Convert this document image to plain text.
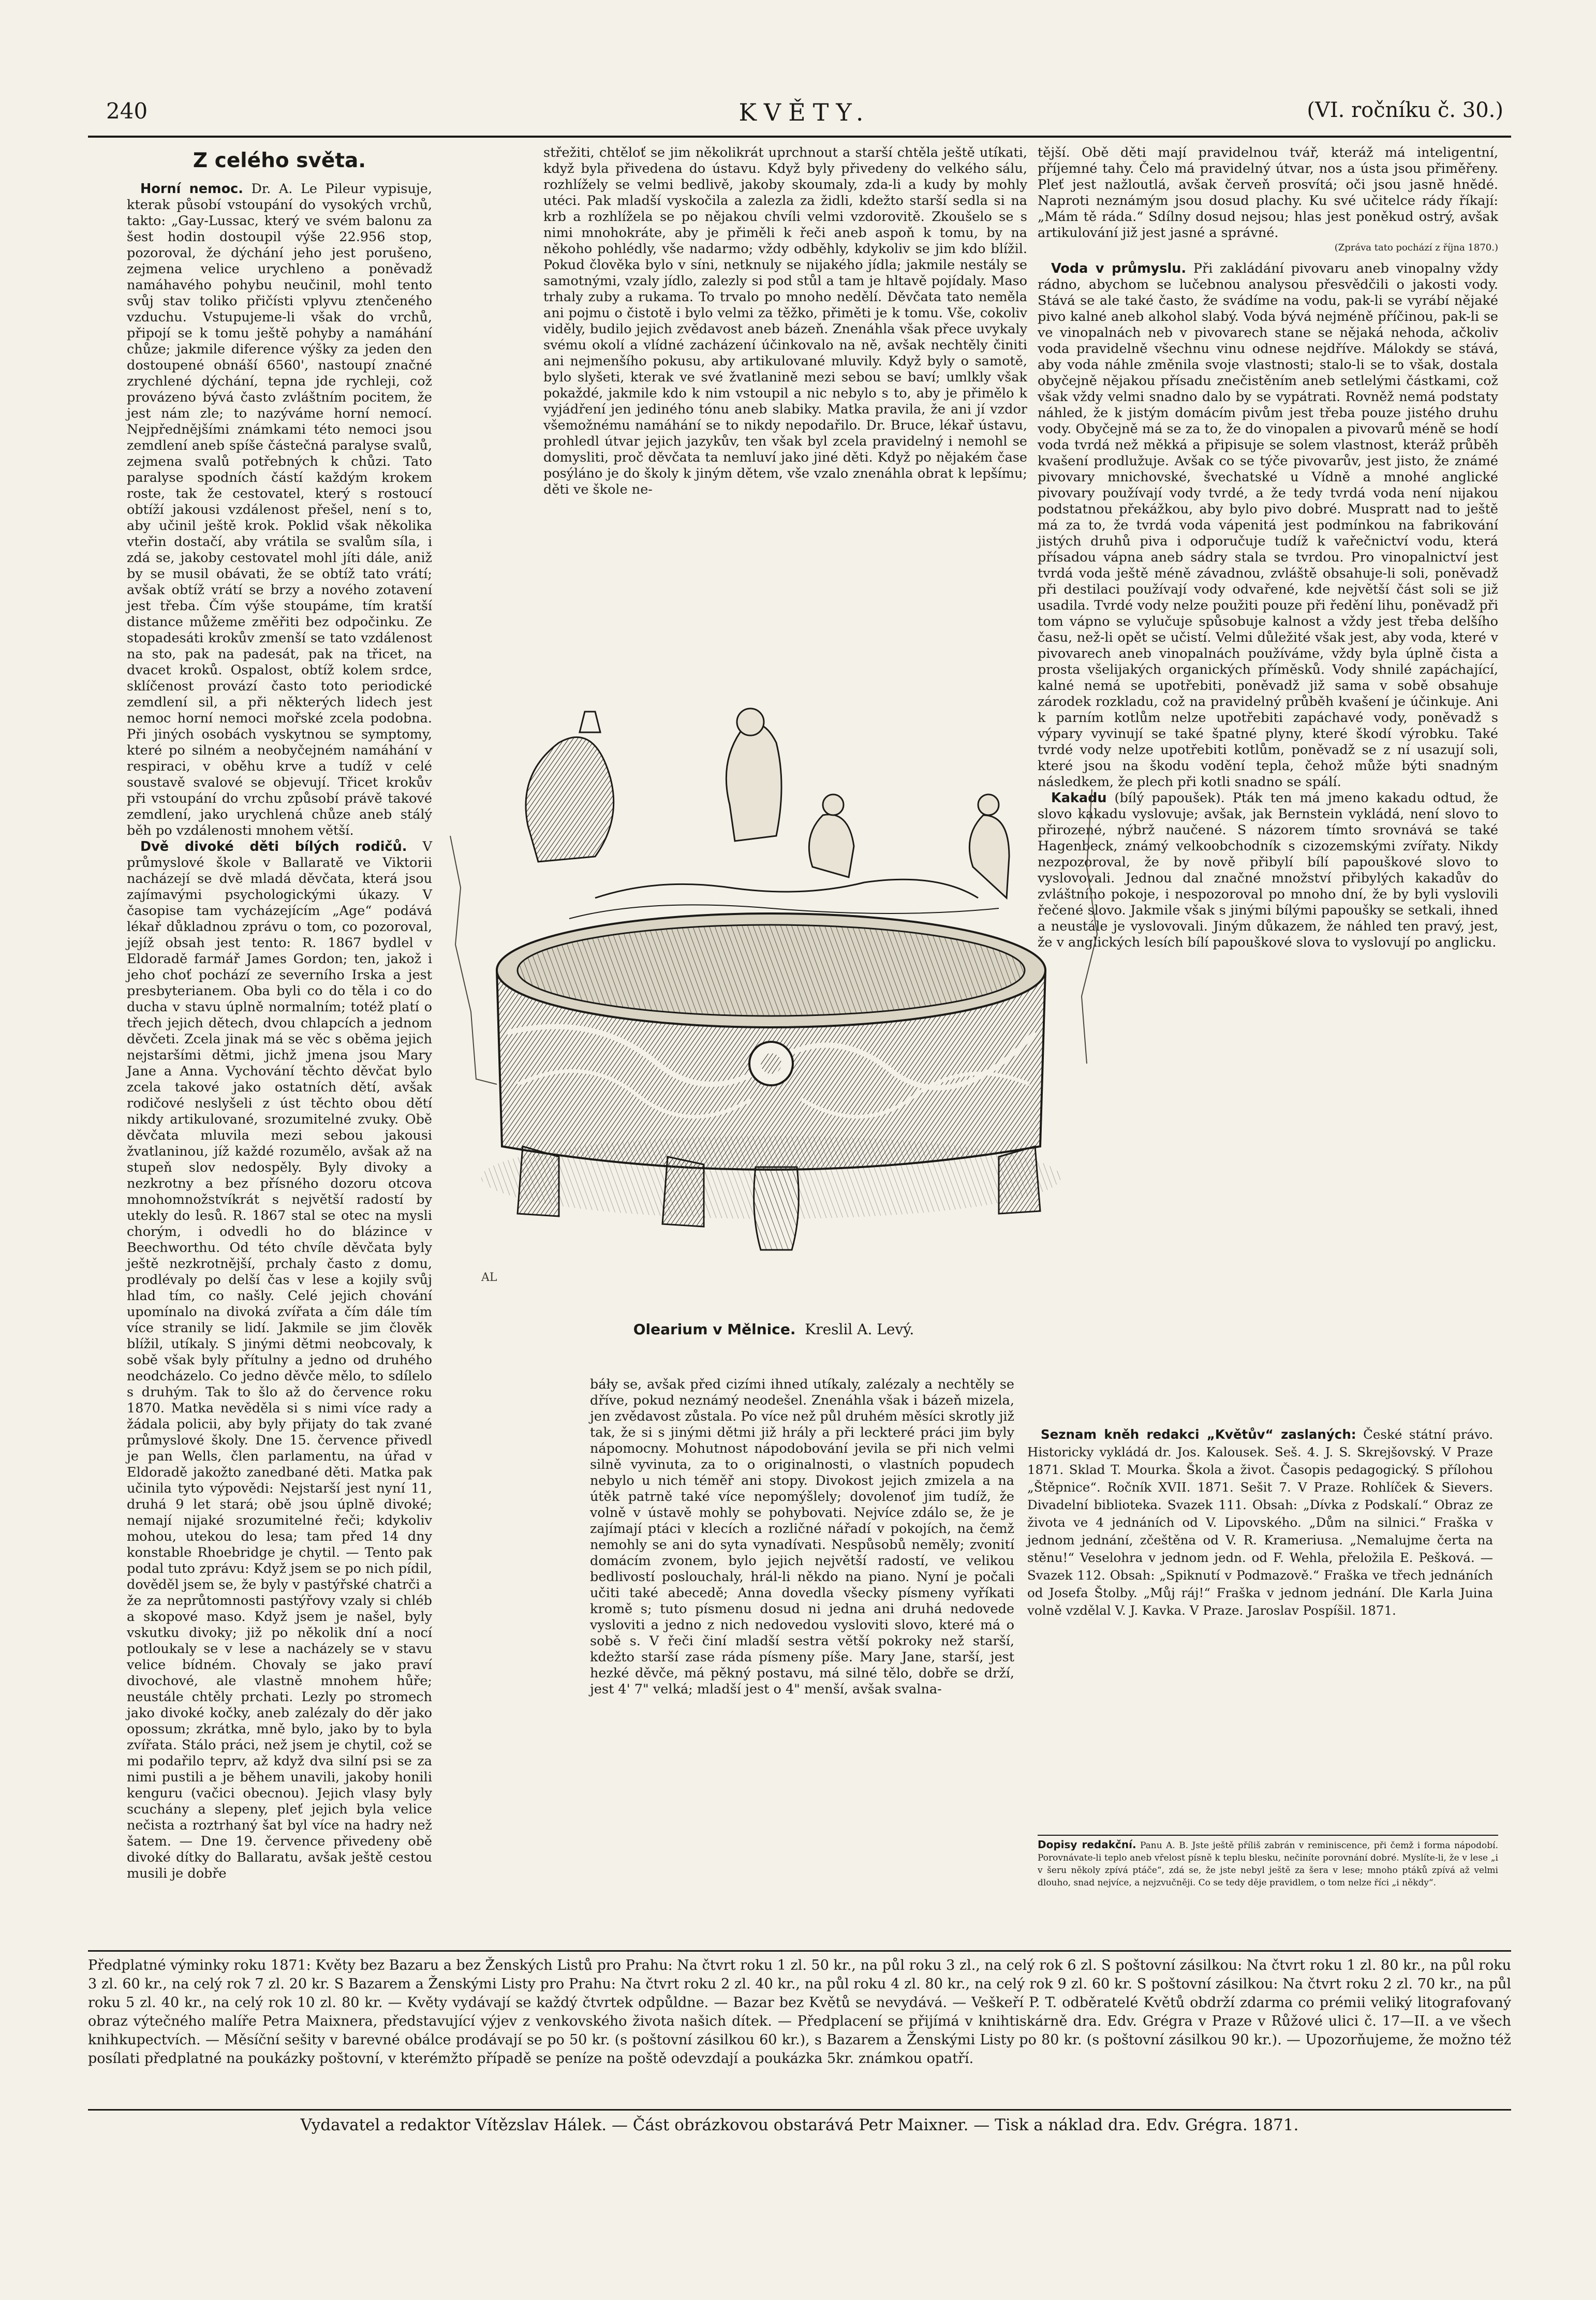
240	KVĚTY.	(VI. ročníku č. 30.)
Z celého světa.

Horní nemoc. Dr. A. Le Pileur vypisuje, kterak působí vstoupání do vysokých vrchů, takto: „Gay-Lussac, který ve svém balonu za šest hodin dostoupil výše 22.956 stop, pozoroval, že dýchání jeho jest porušeno, zejmena velice urychleno a poněvadž namáhavého pohybu neučinil, mohl tento svůj stav toliko přičísti vplyvu ztenčeného vzduchu. Vstupujeme-li však do vrchů, připojí se k tomu ještě pohyby a namáhání chůze; jakmile diference výšky za jeden den dostoupené obnáší 6560', nastoupí značné zrychlené dýchání, tepna jde rychleji, což provázeno bývá často zvláštním pocitem, že jest nám zle; to nazýváme horní nemocí. Nejpřednějšími známkami této nemoci jsou zemdlení aneb spíše částečná paralyse svalů, zejmena svalů potřebných k chůzi. Tato paralyse spodních částí každým krokem roste, tak že cestovatel, který s rostoucí obtíží jakousi vzdálenost přešel, není s to, aby učinil ještě krok. Poklid však několika vteřin dostačí, aby vrátila se svalům síla, i zdá se, jakoby cestovatel mohl jíti dále, aniž by se musil obávati, že se obtíž tato vrátí; avšak obtíž vrátí se brzy a nového zotavení jest třeba. Čím výše stoupáme, tím kratší distance můžeme změřiti bez odpočinku. Ze stopadesáti krokův zmenší se tato vzdálenost na sto, pak na padesát, pak na třicet, na dvacet kroků. Ospalost, obtíž kolem srdce, sklíčenost provází často toto periodické zemdlení sil, a při některých lidech jest nemoc horní nemoci mořské zcela podobna. Při jiných osobách vyskytnou se symptomy, které po silném a neobyčejném namáhání v respiraci, v oběhu krve a tudíž v celé soustavě svalové se objevují. Třicet krokův při vstoupání do vrchu způsobí právě takové zemdlení, jako urychlená chůze aneb stálý běh po vzdálenosti mnohem větší.

Dvě divoké děti bílých rodičů. V průmyslové škole v Ballaratě ve Viktorii nacházejí se dvě mladá děvčata, která jsou zajímavými psychologickými úkazy. V časopise tam vycházejícím „Age“ podává lékař důkladnou zprávu o tom, co pozoroval, jejíž obsah jest tento: R. 1867 bydlel v Eldoradě farmář James Gordon; ten, jakož i jeho choť pochází ze severního Irska a jest presbyterianem. Oba byli co do těla i co do ducha v stavu úplně normalním; totéž platí o třech jejich dětech, dvou chlapcích a jednom děvčeti. Zcela jinak má se věc s oběma jejich nejstaršími dětmi, jichž jmena jsou Mary Jane a Anna. Vychování těchto děvčat bylo zcela takové jako ostatních dětí, avšak rodičové neslyšeli z úst těchto obou dětí nikdy artikulované, srozumitelné zvuky. Obě děvčata mluvila mezi sebou jakousi žvatlaninou, jíž každé rozumělo, avšak až na stupeň slov nedospěly. Byly divoky a nezkrotny a bez přísného dozoru otcova mnohomnožstvíkrát s největší radostí by utekly do lesů. R. 1867 stal se otec na mysli chorým, i odvedli ho do blázince v Beechworthu. Od této chvíle děvčata byly ještě nezkrotnější, prchaly často z domu, prodlévaly po delší čas v lese a kojily svůj hlad tím, co našly. Celé jejich chování upomínalo na divoká zvířata a čím dále tím více stranily se lidí. Jakmile se jim člověk blížil, utíkaly. S jinými dětmi neobcovaly, k sobě však byly přítulny a jedno od druhého neodcházelo. Co jedno děvče mělo, to sdílelo s druhým. Tak to šlo až do července roku 1870. Matka nevěděla si s nimi více rady a žádala policii, aby byly přijaty do tak zvané průmyslové školy. Dne 15. července přivedl je pan Wells, člen parlamentu, na úřad v Eldoradě jakožto zanedbané děti. Matka pak učinila tyto výpovědi: Nejstarší jest nyní 11, druhá 9 let stará; obě jsou úplně divoké; nemají nijaké srozumitelné řeči; kdykoliv mohou, utekou do lesa; tam před 14 dny konstable Rhoebridge je chytil. — Tento pak podal tuto zprávu: Když jsem se po nich pídil, dověděl jsem se, že byly v pastýřské chatrči a že za neprůtomnosti pastýřovy vzaly si chléb a skopové maso. Když jsem je našel, byly vskutku divoky; již po několik dní a nocí potloukaly se v lese a nacházely se v stavu velice bídném. Chovaly se jako praví divochové, ale vlastně mnohem hůře; neustále chtěly prchati. Lezly po stromech jako divoké kočky, aneb zalézaly do děr jako opossum; zkrátka, mně bylo, jako by to byla zvířata. Stálo práci, než jsem je chytil, což se mi podařilo teprv, až když dva silní psi se za nimi pustili a je během unavili, jakoby honili kenguru (vačici obecnou). Jejich vlasy byly scuchány a slepeny, pleť jejich byla velice nečista a roztrhaný šat byl více na hadry než šatem. — Dne 19. července přivedeny obě divoké dítky do Ballaratu, avšak ještě cestou musili je dobře

střežiti, chtěloť se jim několikrát uprchnout a starší chtěla ještě utíkati, když byla přivedena do ústavu. Když byly přivedeny do velkého sálu, rozhlížely se velmi bedlivě, jakoby skoumaly, zda-li a kudy by mohly utéci. Pak mladší vyskočila a zalezla za židli, kdežto starší sedla si na krb a rozhlížela se po nějakou chvíli velmi vzdorovitě. Zkoušelo se s nimi mnohokráte, aby je přiměli k řeči aneb aspoň k tomu, by na někoho pohlédly, vše nadarmo; vždy odběhly, kdykoliv se jim kdo blížil. Pokud člověka bylo v síni, netknuly se nijakého jídla; jakmile nestály se samotnými, vzaly jídlo, zalezly si pod stůl a tam je hltavě pojídaly. Maso trhaly zuby a rukama. To trvalo po mnoho nedělí. Děvčata tato neměla ani pojmu o čistotě i bylo velmi za těžko, přiměti je k tomu. Vše, cokoliv viděly, budilo jejich zvědavost aneb bázeň. Znenáhla však přece uvykaly svému okolí a vlídné zacházení účinkovalo na ně, avšak nechtěly činiti ani nejmenšího pokusu, aby artikulované mluvily. Když byly o samotě, bylo slyšeti, kterak ve své žvatlanině mezi sebou se baví; umlkly však pokaždé, jakmile kdo k nim vstoupil a nic nebylo s to, aby je přimělo k vyjádření jen jediného tónu aneb slabiky. Matka pravila, že ani jí vzdor všemožnému namáhání se to nikdy nepodařilo. Dr. Bruce, lékař ústavu, prohledl útvar jejich jazykův, ten však byl zcela pravidelný i nemohl se domysliti, proč děvčata ta nemluví jako jiné děti. Když po nějakém čase posýláno je do školy k jiným dětem, vše vzalo znenáhla obrat k lepšímu; děti ve škole ne-

tější. Obě děti mají pravidelnou tvář, kteráž má inteligentní, příjemné tahy. Čelo má pravidelný útvar, nos a ústa jsou přiměřeny. Pleť jest nažloutlá, avšak červeň prosvítá; oči jsou jasně hnědé. Naproti neznámým jsou dosud plachy. Ku své učitelce rády říkají: „Mám tě ráda.“ Sdílny dosud nejsou; hlas jest poněkud ostrý, avšak artikulování již jest jasné a správné.

(Zpráva tato pochází z října 1870.)

Voda v průmyslu. Při zakládání pivovaru aneb vinopalny vždy rádno, abychom se lučebnou analysou přesvědčili o jakosti vody. Stává se ale také často, že svádíme na vodu, pak-li se vyrábí nějaké pivo kalné aneb alkohol slabý. Voda bývá nejméně příčinou, pak-li se ve vinopalnách neb v pivovarech stane se nějaká nehoda, ačkoliv voda pravidelně všechnu vinu odnese nejdříve. Málokdy se stává, aby voda náhle změnila svoje vlastnosti; stalo-li se to však, dostala obyčejně nějakou přísadu znečistěním aneb setlelými částkami, což však vždy velmi snadno dalo by se vypátrati. Rovněž nemá podstaty náhled, že k jistým domácím pivům jest třeba pouze jistého druhu vody. Obyčejně má se za to, že do vinopalen a pivovarů méně se hodí voda tvrdá než měkká a připisuje se solem vlastnost, kteráž průběh kvašení prodlužuje. Avšak co se týče pivovarův, jest jisto, že známé pivovary mnichovské, švechatské u Vídně a mnohé anglické pivovary používají vody tvrdé, a že tedy tvrdá voda není nijakou podstatnou překážkou, aby bylo pivo dobré. Muspratt nad to ještě má za to, že tvrdá voda vápenitá jest podmínkou na fabrikování jistých druhů piva i odporučuje tudíž k vařečnictví vodu, která přísadou vápna aneb sádry stala se tvrdou. Pro vinopalnictví jest tvrdá voda ještě méně závadnou, zvláště obsahuje-li soli, poněvadž při destilaci používají vody odvařené, kde největší část soli se již usadila. Tvrdé vody nelze použiti pouze při ředění lihu, poněvadž při tom vápno se vylučuje spůsobuje kalnost a vždy jest třeba delšího času, než-li opět se učistí. Velmi důležité však jest, aby voda, které v pivovarech aneb vinopalnách používáme, vždy byla úplně čista a prosta všelijakých organických příměsků. Vody shnilé zapáchající, kalné nemá se upotřebiti, poněvadž již sama v sobě obsahuje zárodek rozkladu, což na pravidelný průběh kvašení je účinkuje. Ani k parním kotlům nelze upotřebiti zapáchavé vody, poněvadž s výpary vyvinují se také špatné plyny, které škodí výrobku. Také tvrdé vody nelze upotřebiti kotlům, poněvadž se z ní usazují soli, které jsou na škodu vodění tepla, čehož může býti snadným následkem, že plech při kotli snadno se spálí.

Kakadu (bílý papoušek). Pták ten má jmeno kakadu odtud, že slovo kakadu vyslovuje; avšak, jak Bernstein vykládá, není slovo to přirozené, nýbrž naučené. S názorem tímto srovnává se také Hagenbeck, známý velkoobchodník s cizozemskými zvířaty. Nikdy nezpozoroval, že by nově přibylí bílí papouškové slovo to vyslovovali. Jednou dal značné množství přibylých kakadův do zvláštního pokoje, i nespozoroval po mnoho dní, že by byli vyslovili řečené slovo. Jakmile však s jinými bílými papoušky se setkali, ihned a neustále je vyslovovali. Jiným důkazem, že náhled ten pravý, jest, že v anglických lesích bílí papouškové slova to vyslovují po anglicku.

AL
Olearium v Mělnice. Kreslil A. Levý.

báły se, avšak před cizími ihned utíkaly, zalézaly a nechtěly se dříve, pokud neznámý neodešel. Znenáhla však i bázeň mizela, jen zvědavost zůstala. Po více než půl druhém měsíci skrotly již tak, že si s jinými dětmi již hrály a při leckteré práci jim byly nápomocny. Mohutnost nápodobování jevila se při nich velmi silně vyvinuta, za to o originalnosti, o vlastních popudech nebylo u nich téměř ani stopy. Divokost jejich zmizela a na útěk patrně také více nepomýšlely; dovolenoť jim tudíž, že volně v ústavě mohly se pohybovati. Nejvíce zdálo se, že je zajímají ptáci v klecích a rozličné nářadí v pokojích, na čemž nemohly se ani do syta vynadívati. Nespůsobů neměly; zvonití domácím zvonem, bylo jejich největší radostí, ve velikou bedlivostí poslouchaly, hrál-li někdo na piano. Nyní je počali učiti také abecedě; Anna dovedla všecky písmeny vyříkati kromě s; tuto písmenu dosud ni jedna ani druhá nedovede vysloviti a jedno z nich nedovedou vysloviti slovo, které má o sobě s. V řeči činí mladší sestra větší pokroky než starší, kdežto starší zase ráda písmeny píše. Mary Jane, starší, jest hezké děvče, má pěkný postavu, má silné tělo, dobře se drží, jest 4' 7" velká; mladší jest o 4" menší, avšak svalna-

Seznam kněh redakci „Květův“ zaslaných: České státní právo. Historicky vykládá dr. Jos. Kalousek. Seš. 4. J. S. Skrejšovský. V Praze 1871. Sklad T. Mourka. Škola a život. Časopis pedagogický. S přílohou „Štěpnice“. Ročník XVII. 1871. Sešit 7. V Praze. Rohlíček & Sievers. Divadelní biblioteka. Svazek 111. Obsah: „Dívka z Podskalí.“ Obraz ze života ve 4 jednáních od V. Lipovského. „Dům na silnici.“ Fraška v jednom jednání, zčeštěna od V. R. Krameriusa. „Nemalujme čerta na stěnu!“ Veselohra v jednom jedn. od F. Wehla, přeložila E. Pešková. — Svazek 112. Obsah: „Spiknutí v Podmazově.“ Fraška ve třech jednáních od Josefa Štolby. „Můj ráj!“ Fraška v jednom jednání. Dle Karla Juina volně vzdělal V. J. Kavka. V Praze. Jaroslav Pospíšil. 1871.

Dopisy redakční. Panu A. B. Jste ještě příliš zabrán v reminiscence, při čemž i forma nápodobí. Porovnávate-li teplo aneb vřelost písně k teplu blesku, nečiníte porovnání dobré. Myslíte-li, že v lese „i v šeru několy zpívá ptáče“, zdá se, že jste nebyl ještě za šera v lese; mnoho ptáků zpívá až velmi dlouho, snad nejvíce, a nejzvučněji. Co se tedy děje pravidlem, o tom nelze říci „i někdy“.
Předplatné výminky roku 1871: Květy bez Bazaru a bez Ženských Listů pro Prahu: Na čtvrt roku 1 zl. 50 kr., na půl roku 3 zl., na celý rok 6 zl. S poštovní zásilkou: Na čtvrt roku 1 zl. 80 kr., na půl roku 3 zl. 60 kr., na celý rok 7 zl. 20 kr. S Bazarem a Ženskými Listy pro Prahu: Na čtvrt roku 2 zl. 40 kr., na půl roku 4 zl. 80 kr., na celý rok 9 zl. 60 kr. S poštovní zásilkou: Na čtvrt roku 2 zl. 70 kr., na půl roku 5 zl. 40 kr., na celý rok 10 zl. 80 kr. — Květy vydávají se každý čtvrtek odpůldne. — Bazar bez Květů se nevydává. — Veškeří P. T. odběratelé Květů obdrží zdarma co prémii veliký litografovaný obraz výtečného malíře Petra Maixnera, představující výjev z venkovského života našich dítek. — Předplacení se přijímá v knihtiskárně dra. Edv. Grégra v Praze v Růžové ulici č. 17—II. a ve všech knihkupectvích. — Měsíční sešity v barevné obálce prodávají se po 50 kr. (s poštovní zásilkou 60 kr.), s Bazarem a Ženskými Listy po 80 kr. (s poštovní zásilkou 90 kr.). — Upozorňujeme, že možno též posílati předplatné na poukázky poštovní, v kterémžto případě se peníze na poště odevzdají a poukázka 5kr. známkou opatří.
Vydavatel a redaktor Vítězslav Hálek. — Část obrázkovou obstarává Petr Maixner. — Tisk a náklad dra. Edv. Grégra. 1871.
